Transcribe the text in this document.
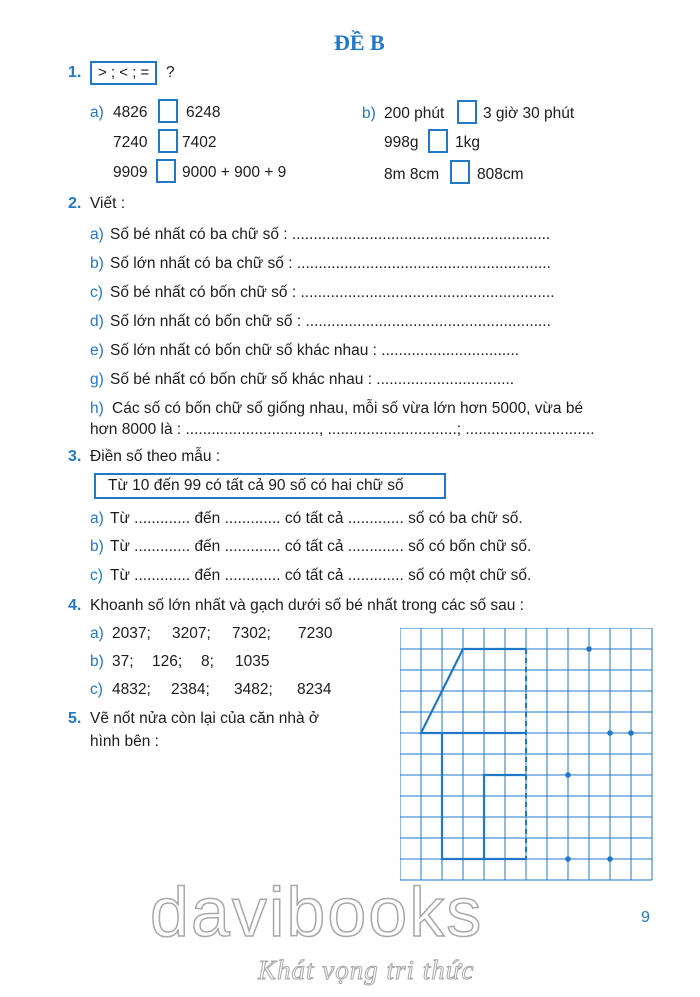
ĐỀ B
1.	> ; < ; =	?
a) 4826 6248
7240 7402
9909 9000 + 900 + 9
b) 200 phút 3 giờ 30 phút
998g 1kg
8m 8cm 808cm
2. Viết :
a) Số bé nhất có ba chữ số : ............................................................
b) Số lớn nhất có ba chữ số : ...........................................................
c) Số bé nhất có bốn chữ số : ...........................................................
d) Số lớn nhất có bốn chữ số : .........................................................
e) Số lớn nhất có bốn chữ số khác nhau : ................................
g) Số bé nhất có bốn chữ số khác nhau : ................................
h) Các số có bốn chữ số giống nhau, mỗi số vừa lớn hơn 5000, vừa bé
hơn 8000 là : ..............................., ..............................; ..............................
3. Điền số theo mẫu :
Từ 10 đến 99 có tất cả 90 số có hai chữ số
a) Từ ............. đến ............. có tất cả ............. số có ba chữ số.
b) Từ ............. đến ............. có tất cả ............. số có bốn chữ số.
c) Từ ............. đến ............. có tất cả ............. số có một chữ số.
4. Khoanh số lớn nhất và gạch dưới số bé nhất trong các số sau :
a) 2037; 3207; 7302; 7230
b) 37; 126; 8; 1035
c) 4832; 2384; 3482; 8234
5. Vẽ nốt nửa còn lại của căn nhà ở
hình bên :
9
davibooks
Khát vọng tri thức
